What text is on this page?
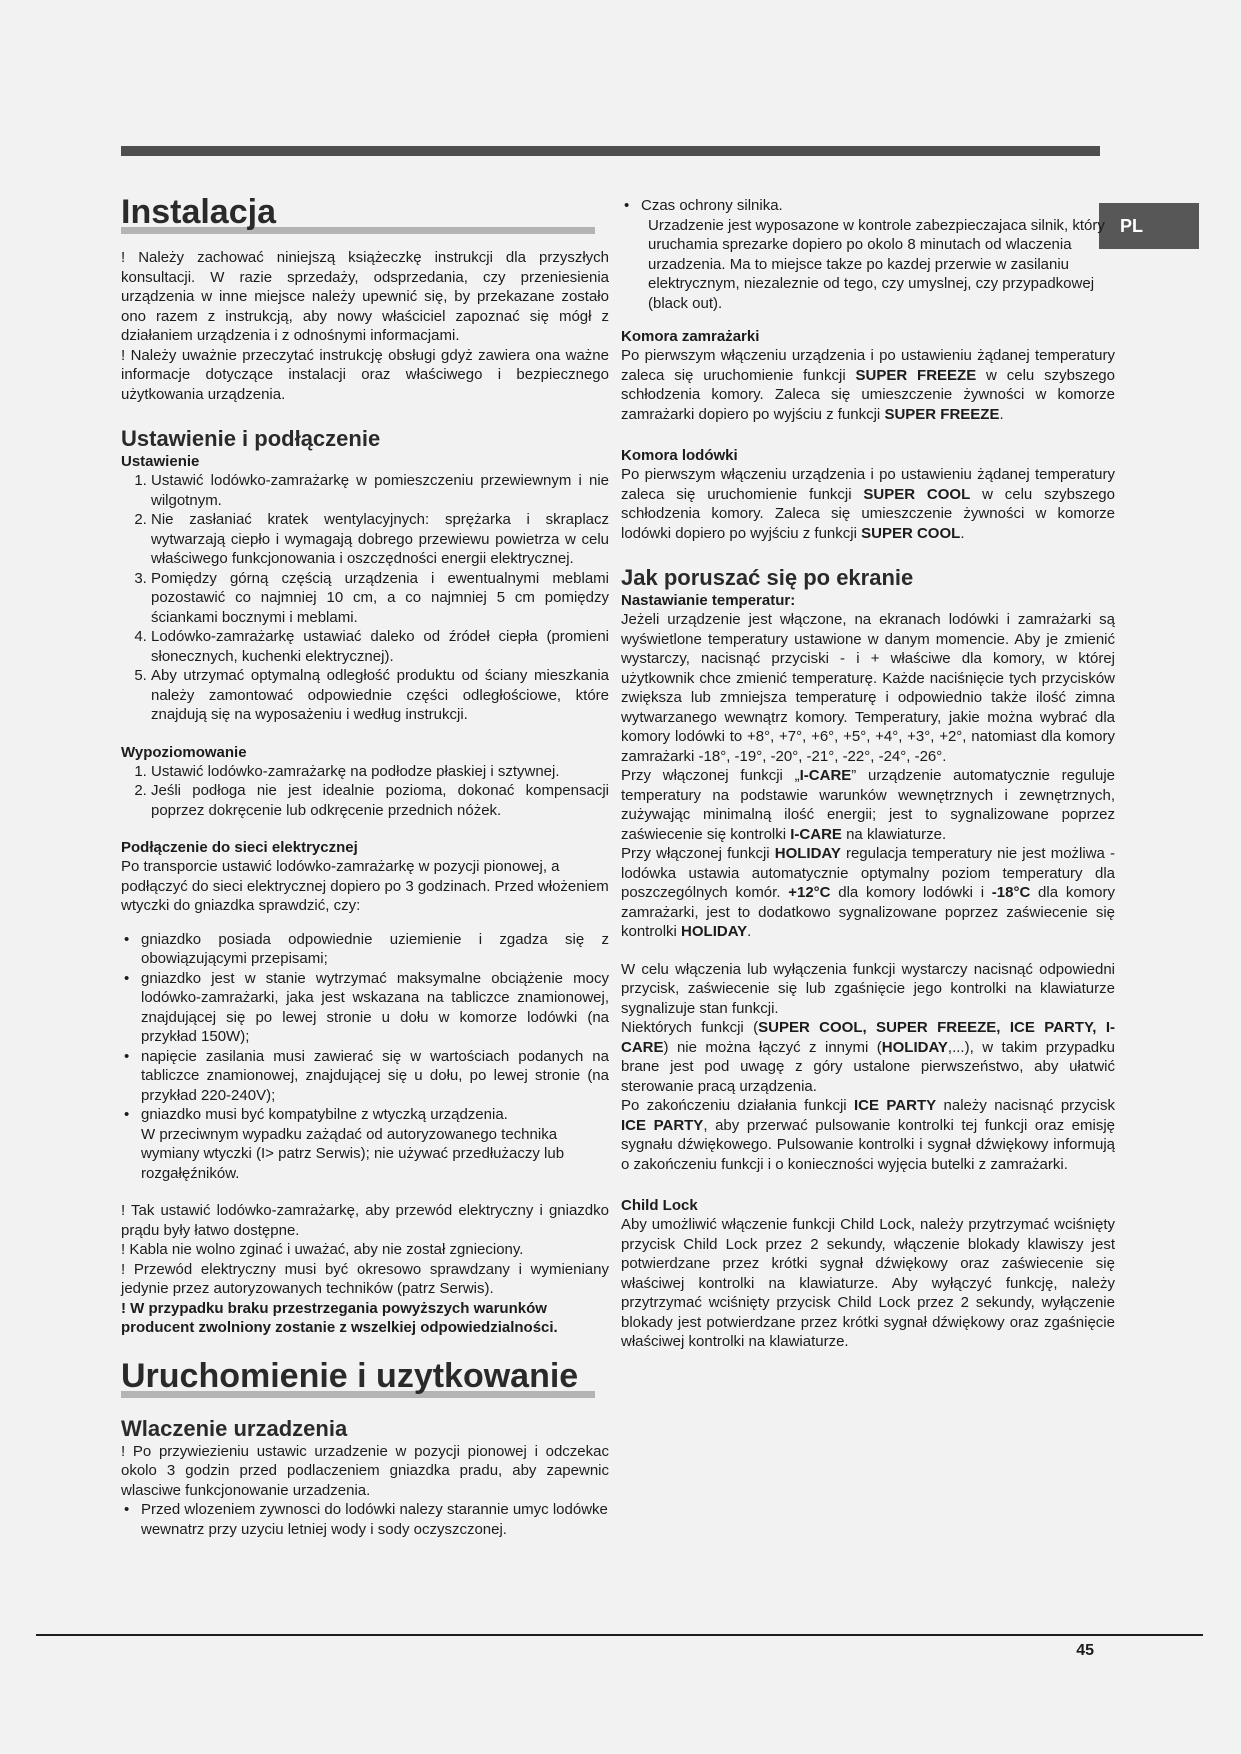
PL
Instalacja

! Należy zachować niniejszą książeczkę instrukcji dla przyszłych konsultacji. W razie sprzedaży, odsprzedania, czy przeniesienia urządzenia w inne miejsce należy upewnić się, by przekazane zostało ono razem z instrukcją, aby nowy właściciel zapoznać się mógł z działaniem urządzenia i z odnośnymi informacjami.

! Należy uważnie przeczytać instrukcję obsługi gdyż zawiera ona ważne informacje dotyczące instalacji oraz właściwego i bezpiecznego użytkowania urządzenia.

Ustawienie i podłączenie
Ustawienie
1. Ustawić lodówko-zamrażarkę w pomieszczeniu przewiewnym i nie wilgotnym.
2. Nie zasłaniać kratek wentylacyjnych: sprężarka i skraplacz wytwarzają ciepło i wymagają dobrego przewiewu powietrza w celu właściwego funkcjonowania i oszczędności energii elektrycznej.
3. Pomiędzy górną częścią urządzenia i ewentualnymi meblami pozostawić co najmniej 10 cm, a co najmniej 5 cm pomiędzy ściankami bocznymi i meblami.
4. Lodówko-zamrażarkę ustawiać daleko od źródeł ciepła (promieni słonecznych, kuchenki elektrycznej).
5. Aby utrzymać optymalną odległość produktu od ściany mieszkania należy zamontować odpowiednie części odległościowe, które znajdują się na wyposażeniu i według instrukcji.
Wypoziomowanie
1. Ustawić lodówko-zamrażarkę na podłodze płaskiej i sztywnej.
2. Jeśli podłoga nie jest idealnie pozioma, dokonać kompensacji poprzez dokręcenie lub odkręcenie przednich nóżek.
Podłączenie do sieci elektrycznej

Po transporcie ustawić lodówko-zamrażarkę w pozycji pionowej, a podłączyć do sieci elektrycznej dopiero po 3 godzinach. Przed włożeniem wtyczki do gniazdka sprawdzić, czy:

• gniazdko posiada odpowiednie uziemienie i zgadza się z obowiązującymi przepisami;
• gniazdko jest w stanie wytrzymać maksymalne obciążenie mocy lodówko-zamrażarki, jaka jest wskazana na tabliczce znamionowej, znajdującej się po lewej stronie u dołu w komorze lodówki (na przykład 150W);
• napięcie zasilania musi zawierać się w wartościach podanych na tabliczce znamionowej, znajdującej się u dołu, po lewej stronie (na przykład 220-240V);
• gniazdko musi być kompatybilne z wtyczką urządzenia.

W przeciwnym wypadku zażądać od autoryzowanego technika wymiany wtyczki (I> patrz Serwis); nie używać przedłużaczy lub rozgałęźników.

! Tak ustawić lodówko-zamrażarkę, aby przewód elektryczny i gniazdko prądu były łatwo dostępne.

! Kabla nie wolno zginać i uważać, aby nie został zgnieciony.

! Przewód elektryczny musi być okresowo sprawdzany i wymieniany jedynie przez autoryzowanych techników (patrz Serwis).

! W przypadku braku przestrzegania powyższych warunków producent zwolniony zostanie z wszelkiej odpowiedzialności.

Uruchomienie i uzytkowanie
Wlaczenie urzadzenia

! Po przywiezieniu ustawic urzadzenie w pozycji pionowej i odczekac okolo 3 godzin przed podlaczeniem gniazdka pradu, aby zapewnic wlasciwe funkcjonowanie urzadzenia.

• Przed wlozeniem zywnosci do lodówki nalezy starannie umyc lodówke wewnatrz przy uzyciu letniej wody i sody oczyszczonej.
• Czas ochrony silnika.

Urzadzenie jest wyposazone w kontrole zabezpieczajaca silnik, który uruchamia sprezarke dopiero po okolo 8 minutach od wlaczenia urzadzenia. Ma to miejsce takze po kazdej przerwie w zasilaniu elektrycznym, niezaleznie od tego, czy umyslnej, czy przypadkowej (black out).

Komora zamrażarki

Po pierwszym włączeniu urządzenia i po ustawieniu żądanej temperatury zaleca się uruchomienie funkcji SUPER FREEZE w celu szybszego schłodzenia komory. Zaleca się umieszczenie żywności w komorze zamrażarki dopiero po wyjściu z funkcji SUPER FREEZE.

Komora lodówki

Po pierwszym włączeniu urządzenia i po ustawieniu żądanej temperatury zaleca się uruchomienie funkcji SUPER COOL w celu szybszego schłodzenia komory. Zaleca się umieszczenie żywności w komorze lodówki dopiero po wyjściu z funkcji SUPER COOL.

Jak poruszać się po ekranie
Nastawianie temperatur:

Jeżeli urządzenie jest włączone, na ekranach lodówki i zamrażarki są wyświetlone temperatury ustawione w danym momencie. Aby je zmienić wystarczy, nacisnąć przyciski - i + właściwe dla komory, w której użytkownik chce zmienić temperaturę. Każde naciśnięcie tych przycisków zwiększa lub zmniejsza temperaturę i odpowiednio także ilość zimna wytwarzanego wewnątrz komory. Temperatury, jakie można wybrać dla komory lodówki to +8°, +7°, +6°, +5°, +4°, +3°, +2°, natomiast dla komory zamrażarki -18°, -19°, -20°, -21°, -22°, -24°, -26°.

Przy włączonej funkcji „I-CARE” urządzenie automatycznie reguluje temperatury na podstawie warunków wewnętrznych i zewnętrznych, zużywając minimalną ilość energii; jest to sygnalizowane poprzez zaświecenie się kontrolki I-CARE na klawiaturze.

Przy włączonej funkcji HOLIDAY regulacja temperatury nie jest możliwa - lodówka ustawia automatycznie optymalny poziom temperatury dla poszczególnych komór. +12°C dla komory lodówki i -18°C dla komory zamrażarki, jest to dodatkowo sygnalizowane poprzez zaświecenie się kontrolki HOLIDAY.

W celu włączenia lub wyłączenia funkcji wystarczy nacisnąć odpowiedni przycisk, zaświecenie się lub zgaśnięcie jego kontrolki na klawiaturze sygnalizuje stan funkcji.

Niektórych funkcji (SUPER COOL, SUPER FREEZE, ICE PARTY, I-CARE) nie można łączyć z innymi (HOLIDAY,...), w takim przypadku brane jest pod uwagę z góry ustalone pierwszeństwo, aby ułatwić sterowanie pracą urządzenia.

Po zakończeniu działania funkcji ICE PARTY należy nacisnąć przycisk ICE PARTY, aby przerwać pulsowanie kontrolki tej funkcji oraz emisję sygnału dźwiękowego. Pulsowanie kontrolki i sygnał dźwiękowy informują o zakończeniu funkcji i o konieczności wyjęcia butelki z zamrażarki.

Child Lock

Aby umożliwić włączenie funkcji Child Lock, należy przytrzymać wciśnięty przycisk Child Lock przez 2 sekundy, włączenie blokady klawiszy jest potwierdzane przez krótki sygnał dźwiękowy oraz zaświecenie się właściwej kontrolki na klawiaturze. Aby wyłączyć funkcję, należy przytrzymać wciśnięty przycisk Child Lock przez 2 sekundy, wyłączenie blokady jest potwierdzane przez krótki sygnał dźwiękowy oraz zgaśnięcie właściwej kontrolki na klawiaturze.

45
